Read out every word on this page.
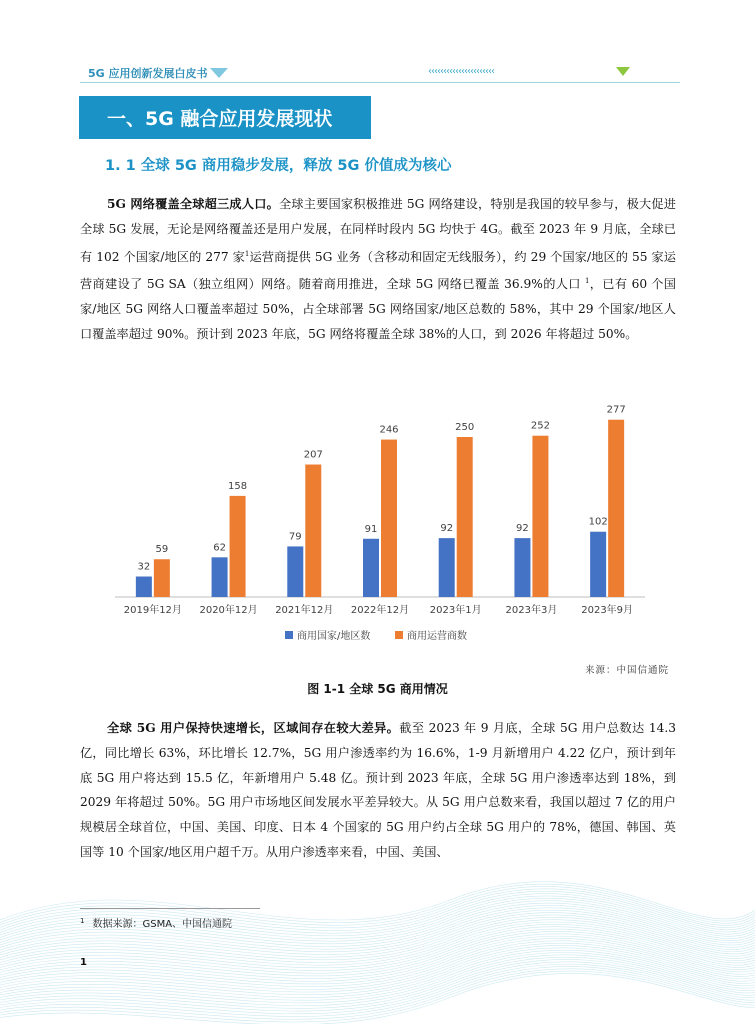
5G 应用创新发展白皮书	‹‹‹‹‹‹‹‹‹‹‹‹‹‹‹‹‹‹‹‹‹‹
一、5G 融合应用发展现状
1. 1 全球 5G 商用稳步发展，释放 5G 价值成为核心
5G 网络覆盖全球超三成人口。全球主要国家积极推进 5G 网络建设，特别是我国的较早参与，极大促进全球 5G 发展，无论是网络覆盖还是用户发展，在同样时段内 5G 均快于 4G。截至 2023 年 9 月底，全球已有 102 个国家/地区的 277 家$^1$运营商提供 5G 业务（含移动和固定无线服务），约 29 个国家/地区的 55 家运营商建设了 5G SA（独立组网）网络。随着商用推进，全球 5G 网络已覆盖 36.9%的人口 $^1$，已有 60 个国家/地区 5G 网络人口覆盖率超过 50%，占全球部署 5G 网络国家/地区总数的 58%，其中 29 个国家/地区人口覆盖率超过 90%。预计到 2023 年底，5G 网络将覆盖全球 38%的人口，到 2026 年将超过 50%。
32
59
2019年12月
62
158
2020年12月
79
207
2021年12月
91
246
2022年12月
92
250
2023年1月
92
252
2023年3月
102
277
2023年9月
商用国家/地区数	商用运营商数
来源：中国信通院
图 1-1 全球 5G 商用情况
全球 5G 用户保持快速增长，区域间存在较大差异。截至 2023 年 9 月底，全球 5G 用户总数达 14.3 亿，同比增长 63%，环比增长 12.7%，5G 用户渗透率约为 16.6%，1-9 月新增用户 4.22 亿户，预计到年底 5G 用户将达到 15.5 亿，年新增用户 5.48 亿。预计到 2023 年底，全球 5G 用户渗透率达到 18%，到 2029 年将超过 50%。5G 用户市场地区间发展水平差异较大。从 5G 用户总数来看，我国以超过 7 亿的用户规模居全球首位，中国、美国、印度、日本 4 个国家的 5G 用户约占全球 5G 用户的 78%，德国、韩国、英国等 10 个国家/地区用户超千万。从用户渗透率来看，中国、美国、
$^1$ 数据来源：GSMA、中国信通院
1
